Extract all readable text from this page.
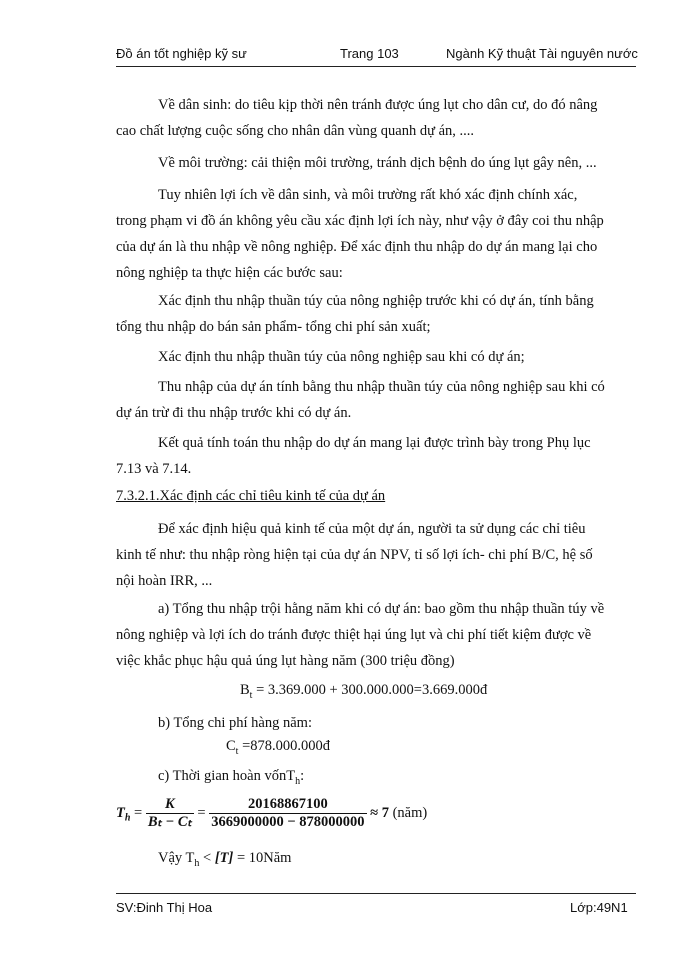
Đồ án tốt nghiệp kỹ sư	Trang 103	Ngành Kỹ thuật Tài nguyên nước
Về dân sinh: do tiêu kịp thời nên tránh được úng lụt cho dân cư, do đó nâng
cao chất lượng cuộc sống cho nhân dân vùng quanh dự án, ....
Về môi trường: cải thiện môi trường, tránh dịch bệnh do úng lụt gây nên, ...
Tuy nhiên lợi ích về dân sinh, và môi trường rất khó xác định chính xác,
trong phạm vi đồ án không yêu cầu xác định lợi ích này, như vậy ở đây coi thu nhập
của dự án là thu nhập về nông nghiệp. Để xác định thu nhập do dự án mang lại cho
nông nghiệp ta thực hiện các bước sau:
Xác định thu nhập thuần túy của nông nghiệp trước khi có dự án, tính bằng
tổng thu nhập do bán sản phẩm- tổng chi phí sản xuất;
Xác định thu nhập thuần túy của nông nghiệp sau khi có dự án;
Thu nhập của dự án tính bằng thu nhập thuần túy của nông nghiệp sau khi có
dự án trừ đi thu nhập trước khi có dự án.
Kết quả tính toán thu nhập do dự án mang lại được trình bày trong Phụ lục
7.13 và 7.14.
7.3.2.1.Xác định các chỉ tiêu kinh tế của dự án
Để xác định hiệu quả kinh tế của một dự án, người ta sử dụng các chỉ tiêu
kinh tế như: thu nhập ròng hiện tại của dự án NPV, tỉ số lợi ích- chi phí B/C, hệ số
nội hoàn IRR, ...
a) Tổng thu nhập trội hằng năm khi có dự án: bao gồm thu nhập thuần túy về
nông nghiệp và lợi ích do tránh được thiệt hại úng lụt và chi phí tiết kiệm được về
việc khắc phục hậu quả úng lụt hàng năm (300 triệu đồng)
$B_t = 3.369.000$ + 300.000.000=3.669.000đ
b) Tổng chi phí hàng năm:
$C_t$ =878.000.000đ
c) Thời gian hoàn vốnT$_h$:
$T_h = \frac{K}{\text{Bₜ − Cₜ}} = \frac{20168867100}{3669000000 - 878000000} \approx 7$ (năm)
Vậy $T_h < [T]$ = 10Năm
SV:Đinh Thị Hoa	Lớp:49N1
